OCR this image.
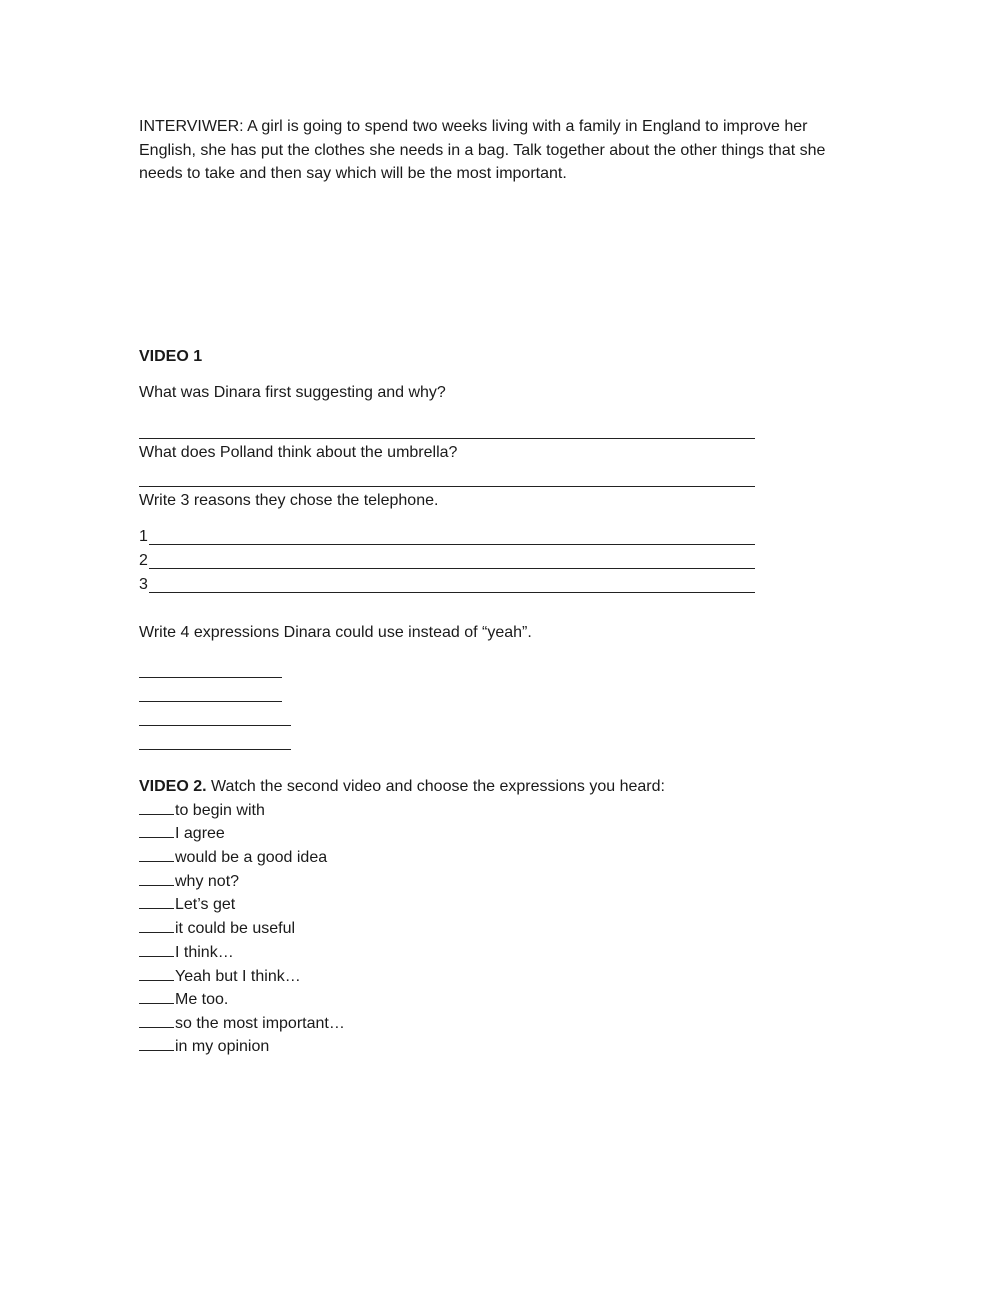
INTERVIWER: A girl is going to spend two weeks living with a family in England to improve her English, she has put the clothes she needs in a bag. Talk together about the other things that she needs to take and then say which will be the most important.
VIDEO 1
What was Dinara first suggesting and why?
What does Polland think about the umbrella?
Write 3 reasons they chose the telephone.
1
2
3
Write 4 expressions Dinara could use instead of “yeah”.
VIDEO 2. Watch the second video and choose the expressions you heard:
to begin with
I agree
would be a good idea
why not?
Let’s get
it could be useful
I think…
Yeah but I think…
Me too.
so the most important…
in my opinion
